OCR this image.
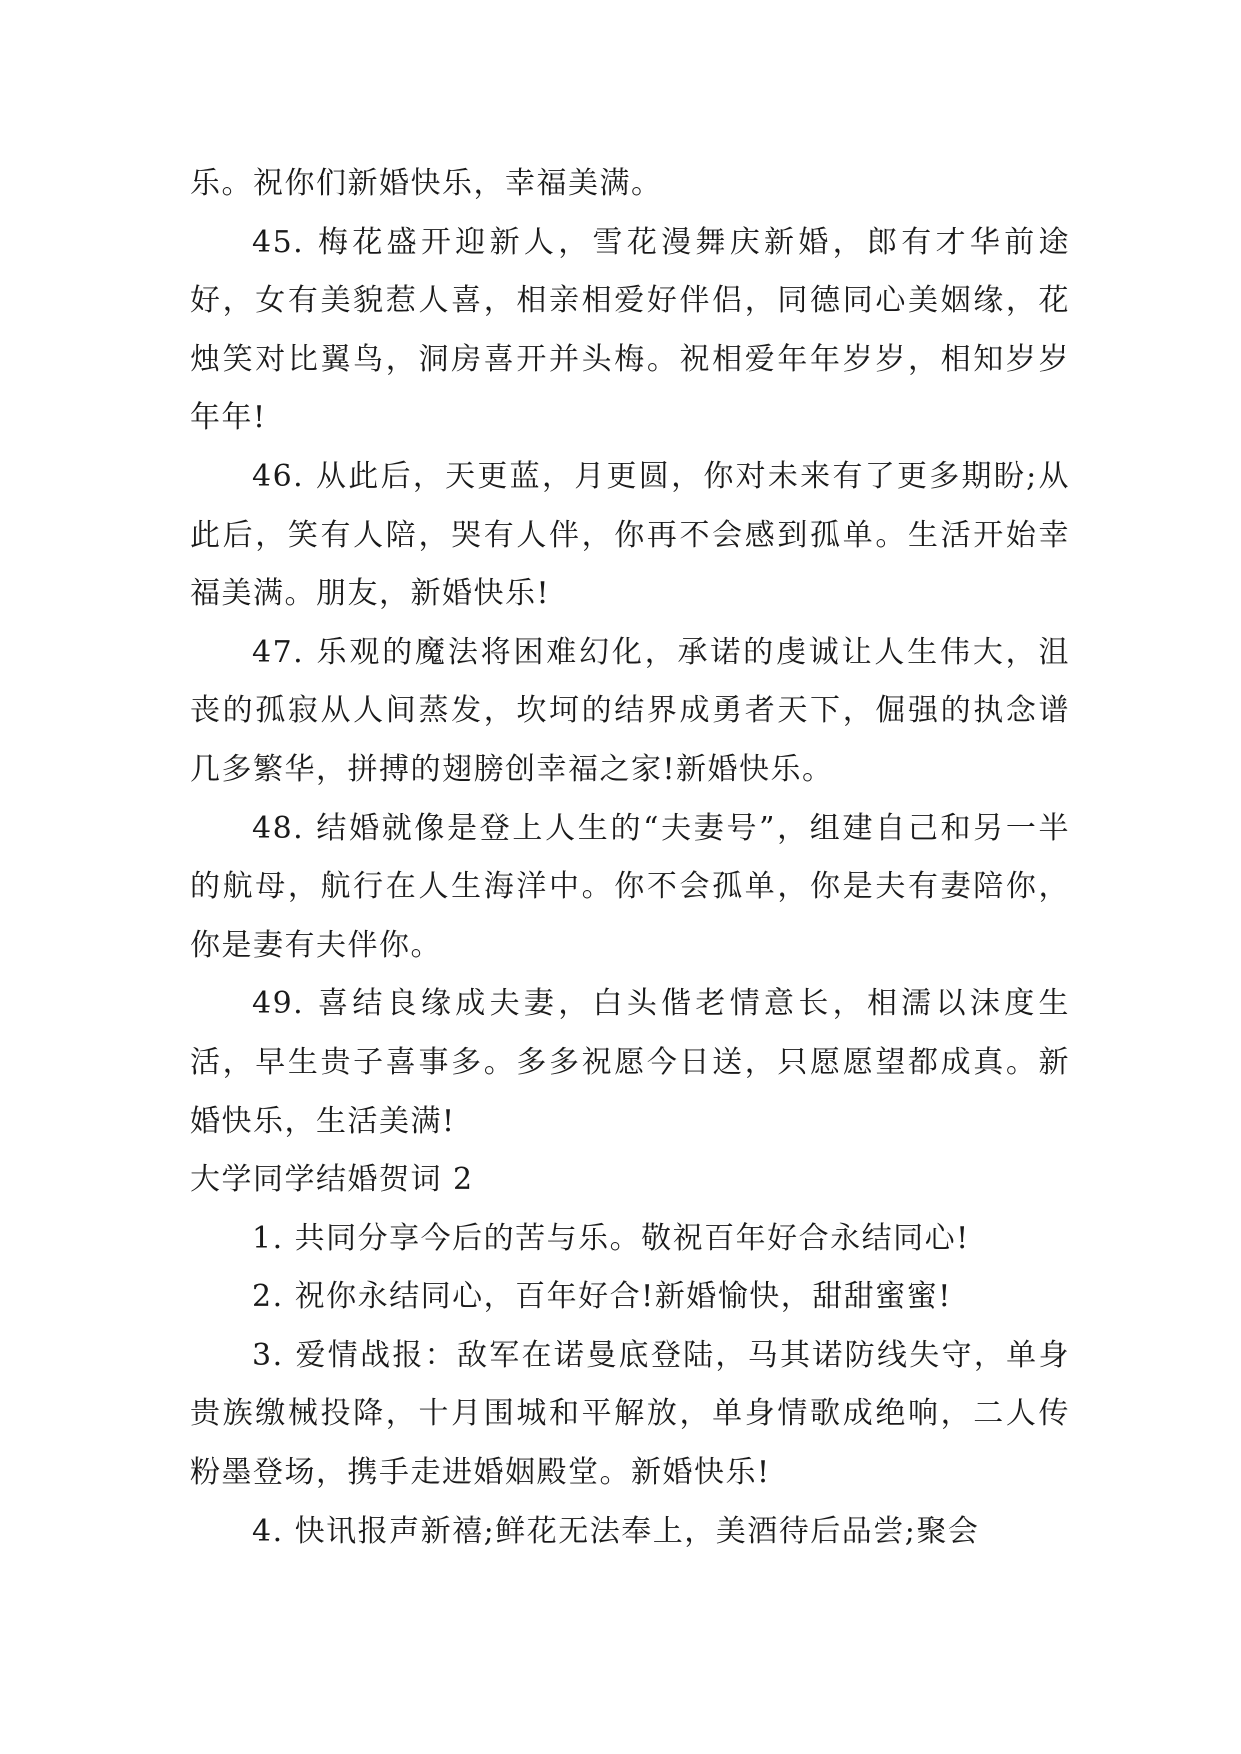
乐。祝你们新婚快乐，幸福美满。

45. 梅花盛开迎新人，雪花漫舞庆新婚，郎有才华前途好，女有美貌惹人喜，相亲相爱好伴侣，同德同心美姻缘，花烛笑对比翼鸟，洞房喜开并头梅。祝相爱年年岁岁，相知岁岁年年!

46. 从此后，天更蓝，月更圆，你对未来有了更多期盼;从此后，笑有人陪，哭有人伴，你再不会感到孤单。生活开始幸福美满。朋友，新婚快乐!

47. 乐观的魔法将困难幻化，承诺的虔诚让人生伟大，沮丧的孤寂从人间蒸发，坎坷的结界成勇者天下，倔强的执念谱几多繁华，拼搏的翅膀创幸福之家!新婚快乐。

48. 结婚就像是登上人生的“夫妻号”，组建自己和另一半的航母，航行在人生海洋中。你不会孤单，你是夫有妻陪你，你是妻有夫伴你。

49. 喜结良缘成夫妻，白头偕老情意长，相濡以沫度生活，早生贵子喜事多。多多祝愿今日送，只愿愿望都成真。新婚快乐，生活美满!

大学同学结婚贺词 2

1. 共同分享今后的苦与乐。敬祝百年好合永结同心!

2. 祝你永结同心，百年好合!新婚愉快，甜甜蜜蜜!

3. 爱情战报：敌军在诺曼底登陆，马其诺防线失守，单身贵族缴械投降，十月围城和平解放，单身情歌成绝响，二人传粉墨登场，携手走进婚姻殿堂。新婚快乐!

4. 快讯报声新禧;鲜花无法奉上，美酒待后品尝;聚会
